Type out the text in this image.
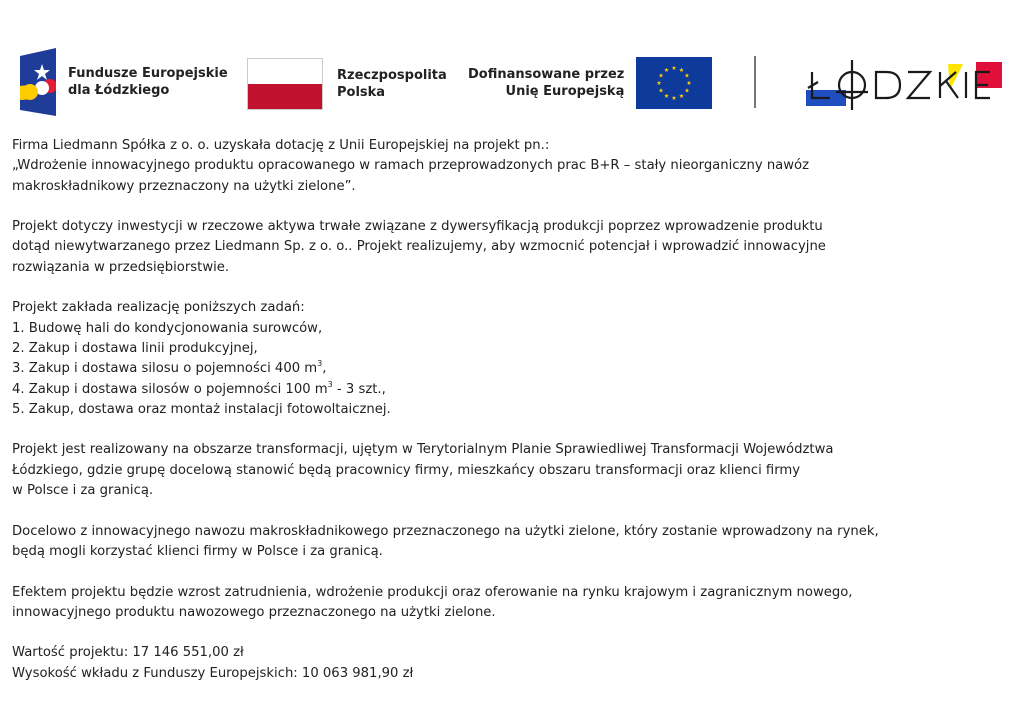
Fundusze Europejskie
dla Łódzkiego
Rzeczpospolita
Polska
Dofinansowane przez
Unię Europejską

Firma Liedmann Spółka z o. o. uzyskała dotację z Unii Europejskiej na projekt pn.:
„Wdrożenie innowacyjnego produktu opracowanego w ramach przeprowadzonych prac B+R – stały nieorganiczny nawóz
makroskładnikowy przeznaczony na użytki zielone”.

Projekt dotyczy inwestycji w rzeczowe aktywa trwałe związane z dywersyfikacją produkcji poprzez wprowadzenie produktu
dotąd niewytwarzanego przez Liedmann Sp. z o. o.. Projekt realizujemy, aby wzmocnić potencjał i wprowadzić innowacyjne
rozwiązania w przedsiębiorstwie.

Projekt zakłada realizację poniższych zadań:
1. Budowę hali do kondycjonowania surowców,
2. Zakup i dostawa linii produkcyjnej,
3. Zakup i dostawa silosu o pojemności 400 $m^3$,
4. Zakup i dostawa silosów o pojemności 100 $m^3 - 3$ szt.,
5. Zakup, dostawa oraz montaż instalacji fotowoltaicznej.

Projekt jest realizowany na obszarze transformacji, ujętym w Terytorialnym Planie Sprawiedliwej Transformacji Województwa
Łódzkiego, gdzie grupę docelową stanowić będą pracownicy firmy, mieszkańcy obszaru transformacji oraz klienci firmy
w Polsce i za granicą.

Docelowo z innowacyjnego nawozu makroskładnikowego przeznaczonego na użytki zielone, który zostanie wprowadzony na rynek,
będą mogli korzystać klienci firmy w Polsce i za granicą.

Efektem projektu będzie wzrost zatrudnienia, wdrożenie produkcji oraz oferowanie na rynku krajowym i zagranicznym nowego,
innowacyjnego produktu nawozowego przeznaczonego na użytki zielone.

Wartość projektu: 17 146 551,00 zł
Wysokość wkładu z Funduszy Europejskich: 10 063 981,90 zł
